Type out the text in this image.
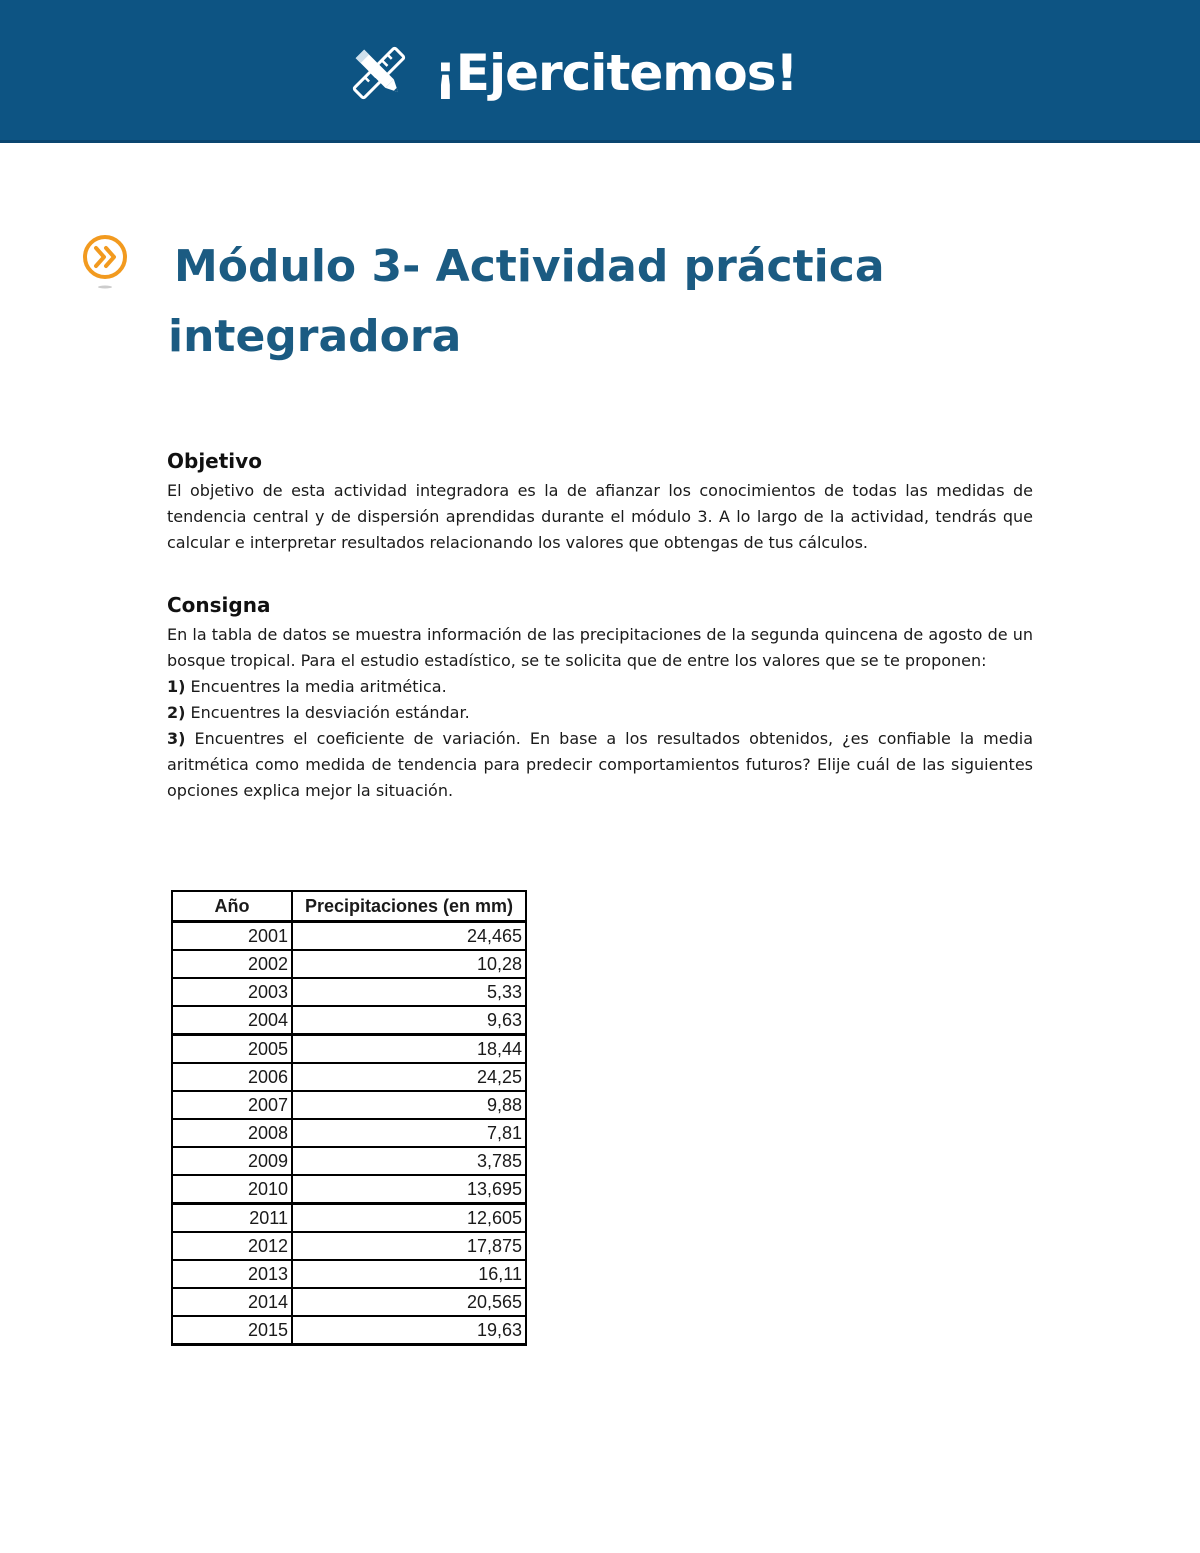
¡Ejercitemos!
Módulo 3- Actividad práctica
integradora
Objetivo

El objetivo de esta actividad integradora es la de afianzar los conocimientos de todas las medidas de tendencia central y de dispersión aprendidas durante el módulo 3. A lo largo de la actividad, tendrás que calcular e interpretar resultados relacionando los valores que obtengas de tus cálculos.

Consigna

En la tabla de datos se muestra información de las precipitaciones de la segunda quincena de agosto de un bosque tropical. Para el estudio estadístico, se te solicita que de entre los valores que se te proponen:

1) Encuentres la media aritmética.

2) Encuentres la desviación estándar.

3) Encuentres el coeficiente de variación. En base a los resultados obtenidos, ¿es confiable la media aritmética como medida de tendencia para predecir comportamientos futuros? Elije cuál de las siguientes opciones explica mejor la situación.

Año	Precipitaciones (en mm)
2001	24,465
2002	10,28
2003	5,33
2004	9,63
2005	18,44
2006	24,25
2007	9,88
2008	7,81
2009	3,785
2010	13,695
2011	12,605
2012	17,875
2013	16,11
2014	20,565
2015	19,63
